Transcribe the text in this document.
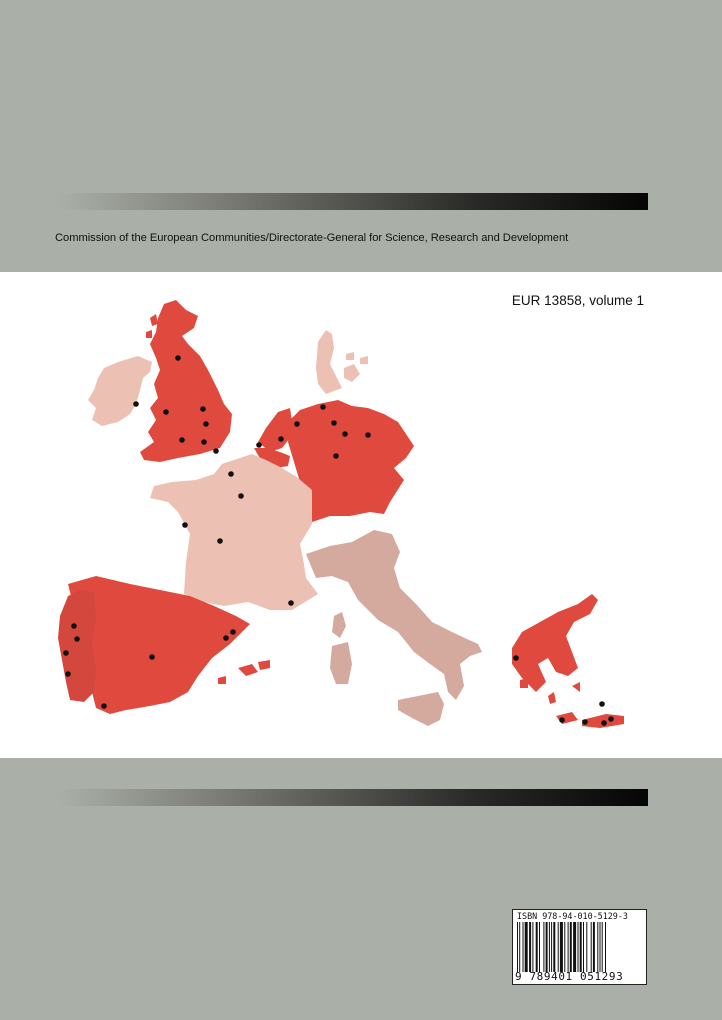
Commission of the European Communities/Directorate-General for Science, Research and Development
EUR 13858, volume 1
ISBN 978-94-010-5129-3
9 789401 051293
